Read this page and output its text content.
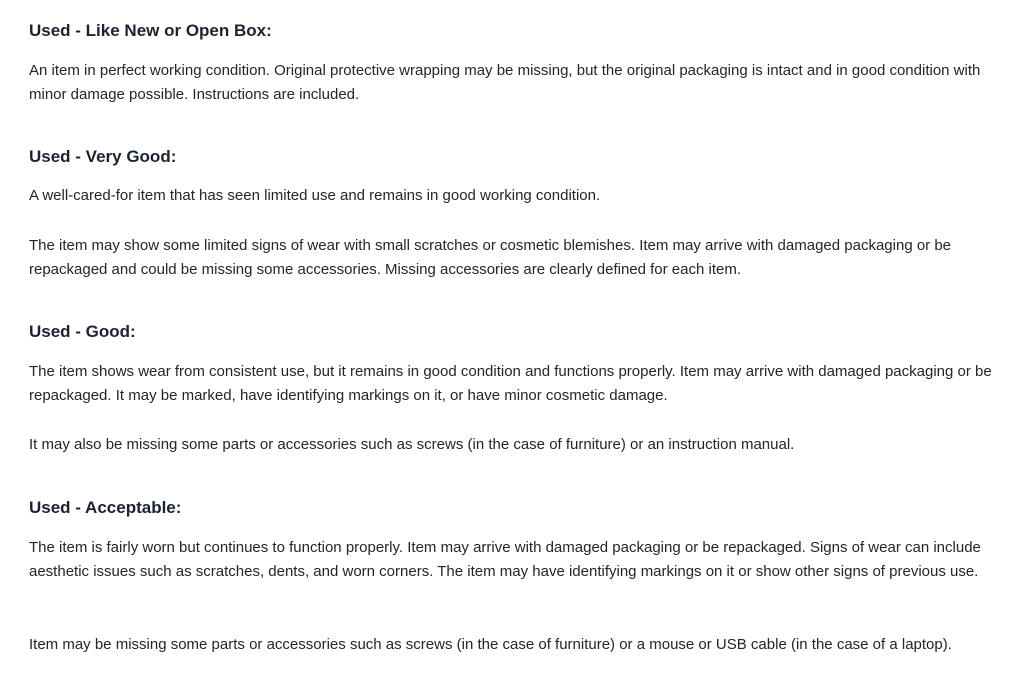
Used - Like New or Open Box:

An item in perfect working condition. Original protective wrapping may be missing, but the original packaging is intact and in good condition with minor damage possible. Instructions are included.

Used - Very Good:

A well-cared-for item that has seen limited use and remains in good working condition.

The item may show some limited signs of wear with small scratches or cosmetic blemishes. Item may arrive with damaged packaging or be repackaged and could be missing some accessories. Missing accessories are clearly defined for each item.

Used - Good:

The item shows wear from consistent use, but it remains in good condition and functions properly. Item may arrive with damaged packaging or be repackaged. It may be marked, have identifying markings on it, or have minor cosmetic damage.

It may also be missing some parts or accessories such as screws (in the case of furniture) or an instruction manual.

Used - Acceptable:

The item is fairly worn but continues to function properly. Item may arrive with damaged packaging or be repackaged. Signs of wear can include aesthetic issues such as scratches, dents, and worn corners. The item may have identifying markings on it or show other signs of previous use.

Item may be missing some parts or accessories such as screws (in the case of furniture) or a mouse or USB cable (in the case of a laptop).
